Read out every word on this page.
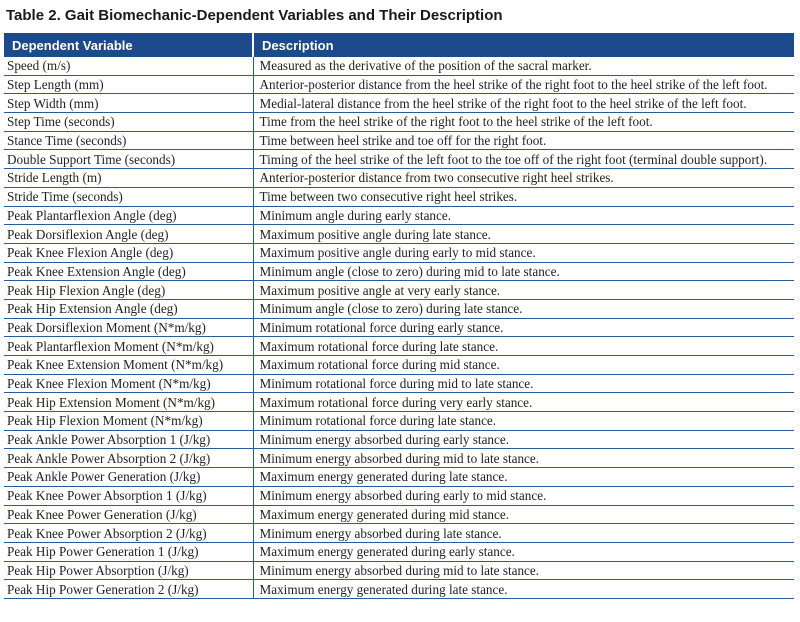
Table 2. Gait Biomechanic-Dependent Variables and Their Description
Dependent Variable	Description
Speed (m/s)	Measured as the derivative of the position of the sacral marker.
Step Length (mm)	Anterior-posterior distance from the heel strike of the right foot to the heel strike of the left foot.
Step Width (mm)	Medial-lateral distance from the heel strike of the right foot to the heel strike of the left foot.
Step Time (seconds)	Time from the heel strike of the right foot to the heel strike of the left foot.
Stance Time (seconds)	Time between heel strike and toe off for the right foot.
Double Support Time (seconds)	Timing of the heel strike of the left foot to the toe off of the right foot (terminal double support).
Stride Length (m)	Anterior-posterior distance from two consecutive right heel strikes.
Stride Time (seconds)	Time between two consecutive right heel strikes.
Peak Plantarflexion Angle (deg)	Minimum angle during early stance.
Peak Dorsiflexion Angle (deg)	Maximum positive angle during late stance.
Peak Knee Flexion Angle (deg)	Maximum positive angle during early to mid stance.
Peak Knee Extension Angle (deg)	Minimum angle (close to zero) during mid to late stance.
Peak Hip Flexion Angle (deg)	Maximum positive angle at very early stance.
Peak Hip Extension Angle (deg)	Minimum angle (close to zero) during late stance.
Peak Dorsiflexion Moment (N*m/kg)	Minimum rotational force during early stance.
Peak Plantarflexion Moment (N*m/kg)	Maximum rotational force during late stance.
Peak Knee Extension Moment (N*m/kg)	Maximum rotational force during mid stance.
Peak Knee Flexion Moment (N*m/kg)	Minimum rotational force during mid to late stance.
Peak Hip Extension Moment (N*m/kg)	Maximum rotational force during very early stance.
Peak Hip Flexion Moment (N*m/kg)	Minimum rotational force during late stance.
Peak Ankle Power Absorption 1 (J/kg)	Minimum energy absorbed during early stance.
Peak Ankle Power Absorption 2 (J/kg)	Minimum energy absorbed during mid to late stance.
Peak Ankle Power Generation (J/kg)	Maximum energy generated during late stance.
Peak Knee Power Absorption 1 (J/kg)	Minimum energy absorbed during early to mid stance.
Peak Knee Power Generation (J/kg)	Maximum energy generated during mid stance.
Peak Knee Power Absorption 2 (J/kg)	Minimum energy absorbed during late stance.
Peak Hip Power Generation 1 (J/kg)	Maximum energy generated during early stance.
Peak Hip Power Absorption (J/kg)	Minimum energy absorbed during mid to late stance.
Peak Hip Power Generation 2 (J/kg)	Maximum energy generated during late stance.
